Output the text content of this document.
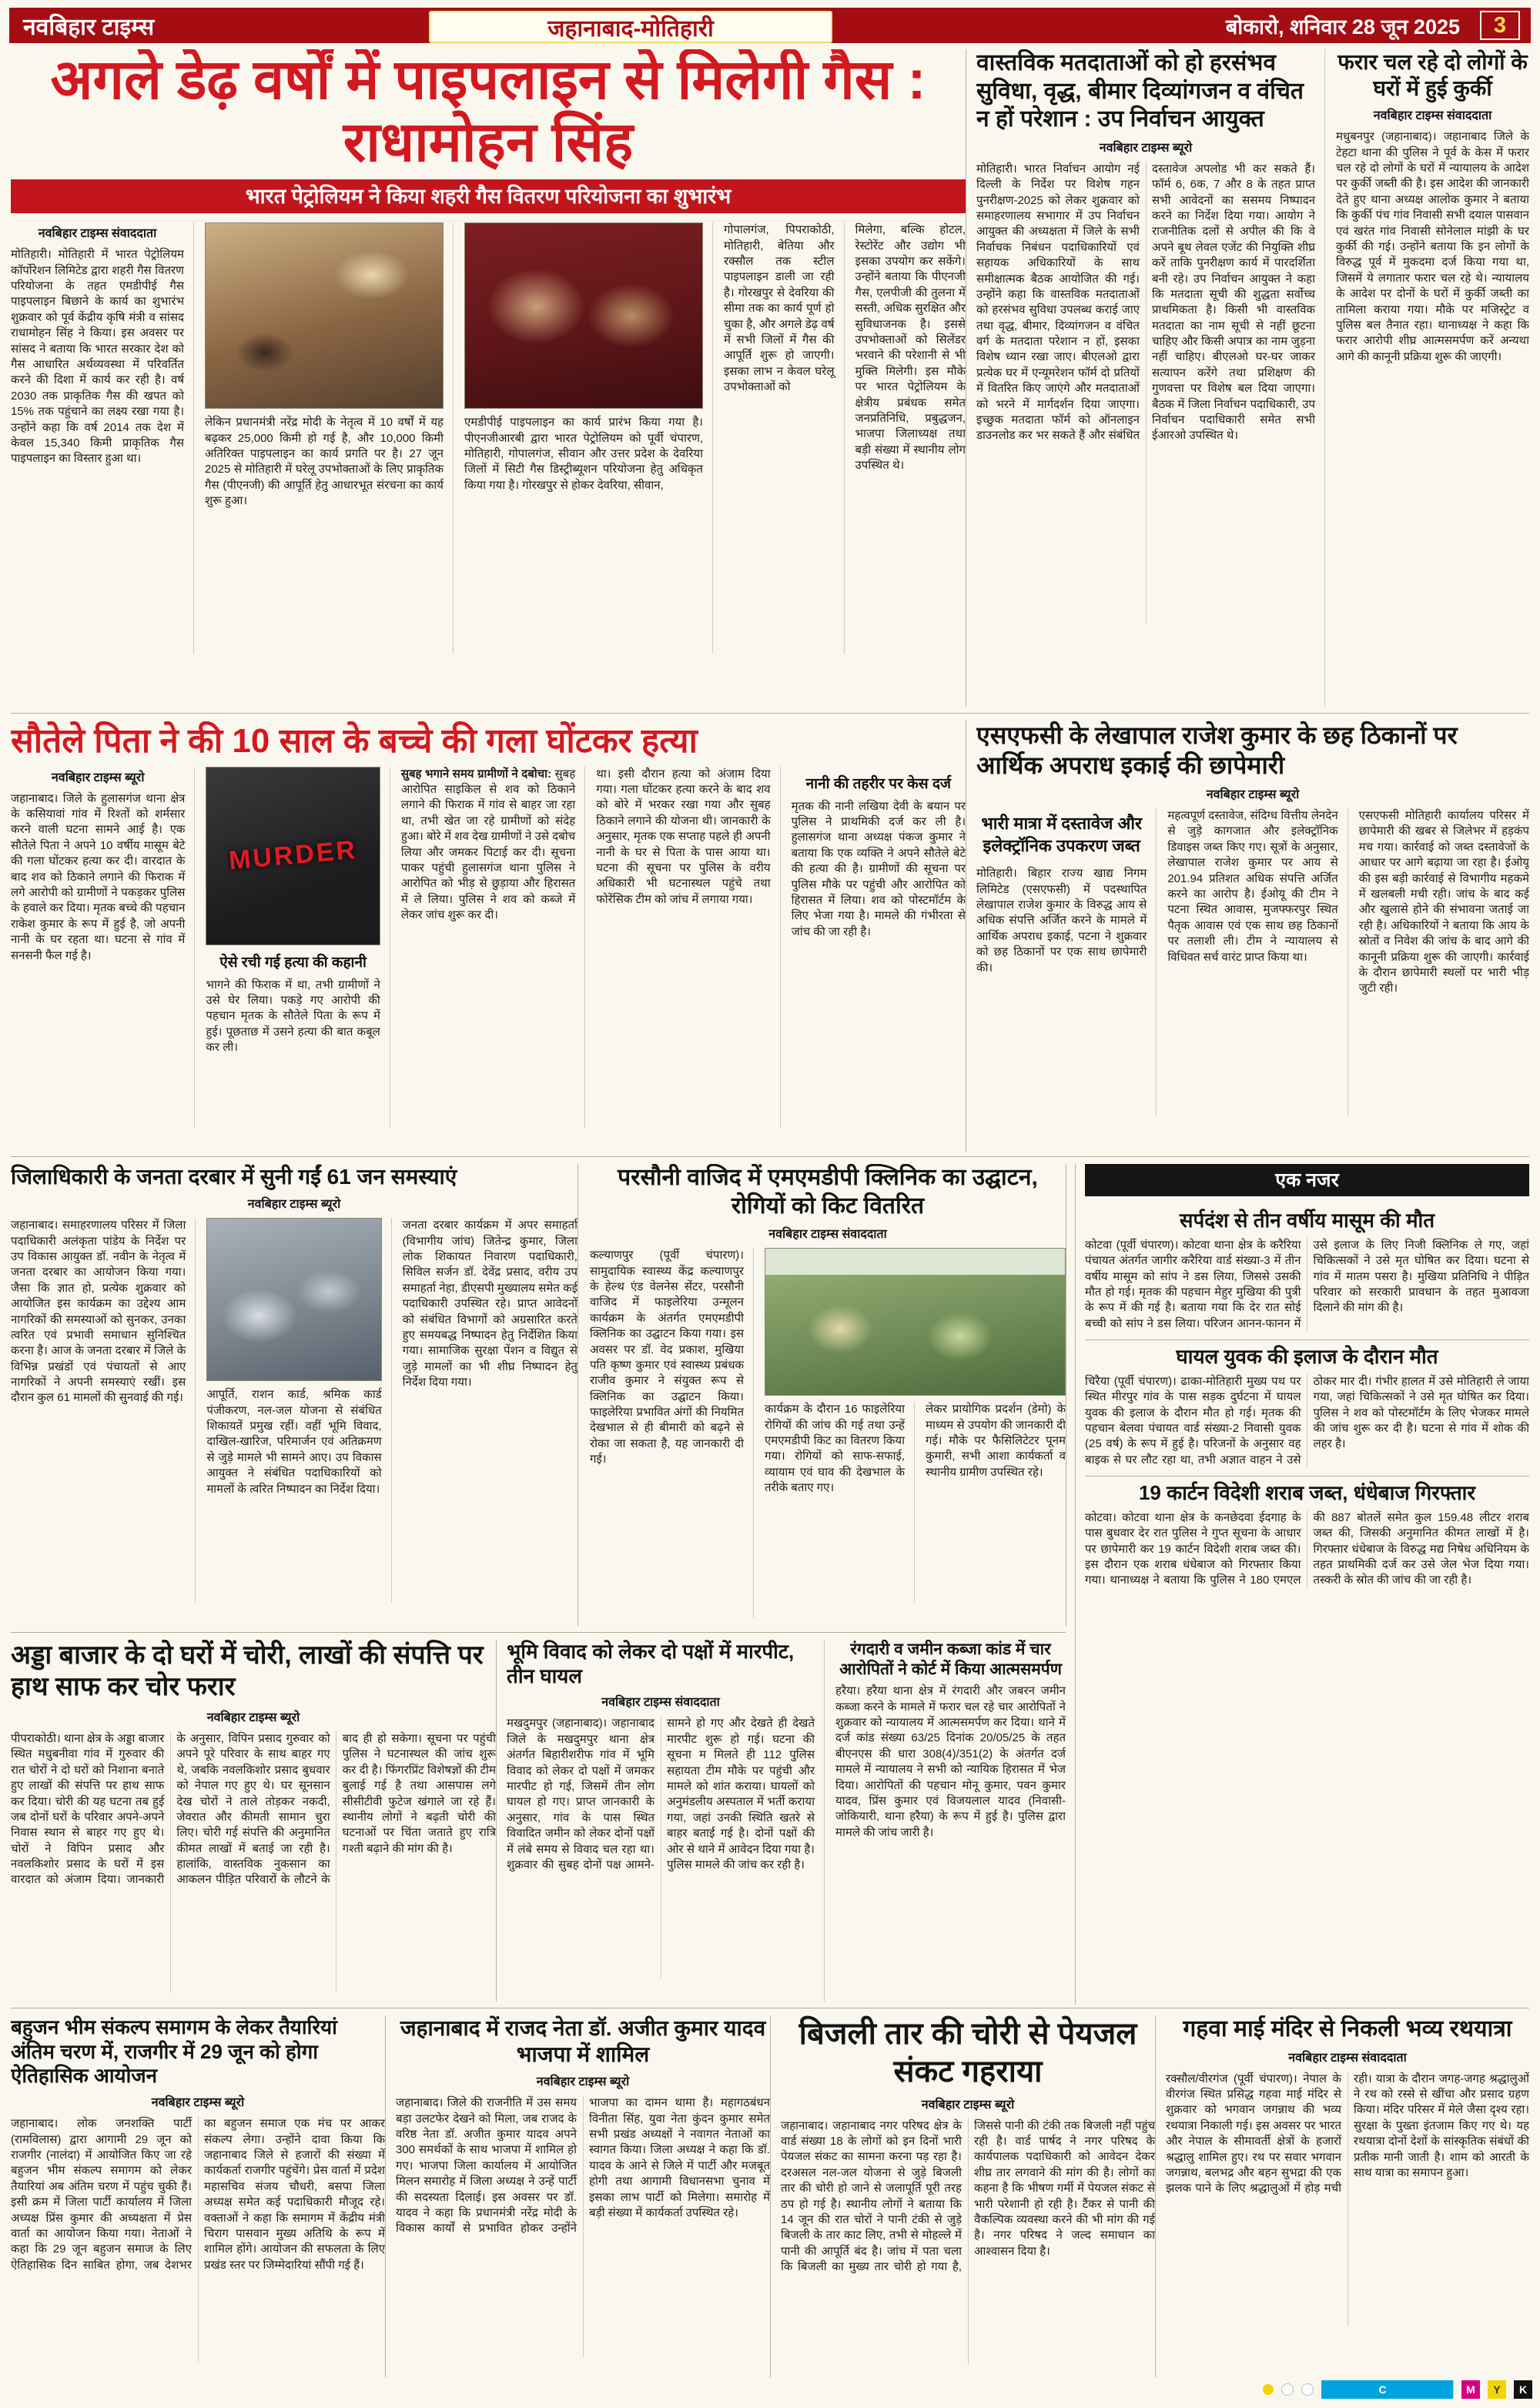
नवबिहार टाइम्स	जहानाबाद-मोतिहारी	बोकारो, शनिवार 28 जून 2025	3
अगले डेढ़ वर्षों में पाइपलाइन से मिलेगी गैस : राधामोहन सिंह
भारत पेट्रोलियम ने किया शहरी गैस वितरण परियोजना का शुभारंभ
नवबिहार टाइम्स संवाददाता

मोतिहारी। मोतिहारी में भारत पेट्रोलियम कॉर्पोरेशन लिमिटेड द्वारा शहरी गैस वितरण परियोजना के तहत एमडीपीई गैस पाइपलाइन बिछाने के कार्य का शुभारंभ शुक्रवार को पूर्व केंद्रीय कृषि मंत्री व सांसद राधामोहन सिंह ने किया। इस अवसर पर सांसद ने बताया कि भारत सरकार देश को गैस आधारित अर्थव्यवस्था में परिवर्तित करने की दिशा में कार्य कर रही है। वर्ष 2030 तक प्राकृतिक गैस की खपत को 15% तक पहुंचाने का लक्ष्य रखा गया है। उन्होंने कहा कि वर्ष 2014 तक देश में केवल 15,340 किमी प्राकृतिक गैस पाइपलाइन का विस्तार हुआ था।

लेकिन प्रधानमंत्री नरेंद्र मोदी के नेतृत्व में 10 वर्षों में यह बढ़कर 25,000 किमी हो गई है, और 10,000 किमी अतिरिक्त पाइपलाइन का कार्य प्रगति पर है। 27 जून 2025 से मोतिहारी में घरेलू उपभोक्ताओं के लिए प्राकृतिक गैस (पीएनजी) की आपूर्ति हेतु आधारभूत संरचना का कार्य शुरू हुआ।

एमडीपीई पाइपलाइन का कार्य प्रारंभ किया गया है। पीएनजीआरबी द्वारा भारत पेट्रोलियम को पूर्वी चंपारण, मोतिहारी, गोपालगंज, सीवान और उत्तर प्रदेश के देवरिया जिलों में सिटी गैस डिस्ट्रीब्यूशन परियोजना हेतु अधिकृत किया गया है। गोरखपुर से होकर देवरिया, सीवान,

गोपालगंज, पिपराकोठी, मोतिहारी, बेतिया और रक्सौल तक स्टील पाइपलाइन डाली जा रही है। गोरखपुर से देवरिया की सीमा तक का कार्य पूर्ण हो चुका है, और अगले डेढ़ वर्ष में सभी जिलों में गैस की आपूर्ति शुरू हो जाएगी। इसका लाभ न केवल घरेलू उपभोक्ताओं को

मिलेगा, बल्कि होटल, रेस्टोरेंट और उद्योग भी इसका उपयोग कर सकेंगे। उन्होंने बताया कि पीएनजी गैस, एलपीजी की तुलना में सस्ती, अधिक सुरक्षित और सुविधाजनक है। इससे उपभोक्ताओं को सिलेंडर भरवाने की परेशानी से भी मुक्ति मिलेगी। इस मौके पर भारत पेट्रोलियम के क्षेत्रीय प्रबंधक समेत जनप्रतिनिधि, प्रबुद्धजन, भाजपा जिलाध्यक्ष तथा बड़ी संख्या में स्थानीय लोग उपस्थित थे।

वास्तविक मतदाताओं को हो हरसंभव सुविधा, वृद्ध, बीमार दिव्यांगजन व वंचित न हों परेशान : उप निर्वाचन आयुक्त
नवबिहार टाइम्स ब्यूरो

मोतिहारी। भारत निर्वाचन आयोग नई दिल्ली के निर्देश पर विशेष गहन पुनरीक्षण-2025 को लेकर शुक्रवार को समाहरणालय सभागार में उप निर्वाचन आयुक्त की अध्यक्षता में जिले के सभी निर्वाचक निबंधन पदाधिकारियों एवं सहायक अधिकारियों के साथ समीक्षात्मक बैठक आयोजित की गई। उन्होंने कहा कि वास्तविक मतदाताओं को हरसंभव सुविधा उपलब्ध कराई जाए तथा वृद्ध, बीमार, दिव्यांगजन व वंचित वर्ग के मतदाता परेशान न हों, इसका विशेष ध्यान रखा जाए। बीएलओ द्वारा प्रत्येक घर में एन्यूमरेशन फॉर्म दो प्रतियों में वितरित किए जाएंगे और मतदाताओं को भरने में मार्गदर्शन दिया जाएगा। इच्छुक मतदाता फॉर्म को ऑनलाइन डाउनलोड कर भर सकते हैं और संबंधित दस्तावेज अपलोड भी कर सकते हैं। फॉर्म 6, 6क, 7 और 8 के तहत प्राप्त सभी आवेदनों का ससमय निष्पादन करने का निर्देश दिया गया। आयोग ने राजनीतिक दलों से अपील की कि वे अपने बूथ लेवल एजेंट की नियुक्ति शीघ्र करें ताकि पुनरीक्षण कार्य में पारदर्शिता बनी रहे। उप निर्वाचन आयुक्त ने कहा कि मतदाता सूची की शुद्धता सर्वोच्च प्राथमिकता है। किसी भी वास्तविक मतदाता का नाम सूची से नहीं छूटना चाहिए और किसी अपात्र का नाम जुड़ना नहीं चाहिए। बीएलओ घर-घर जाकर सत्यापन करेंगे तथा प्रशिक्षण की गुणवत्ता पर विशेष बल दिया जाएगा। बैठक में जिला निर्वाचन पदाधिकारी, उप निर्वाचन पदाधिकारी समेत सभी ईआरओ उपस्थित थे।

फरार चल रहे दो लोगों के घरों में हुई कुर्की
नवबिहार टाइम्स संवाददाता

मधुबनपुर (जहानाबाद)। जहानाबाद जिले के टेहटा थाना की पुलिस ने पूर्व के केस में फरार चल रहे दो लोगों के घरों में न्यायालय के आदेश पर कुर्की जब्ती की है। इस आदेश की जानकारी देते हुए थाना अध्यक्ष आलोक कुमार ने बताया कि कुर्की पंच गांव निवासी सभी दयाल पासवान एवं खरंत गांव निवासी सोनेलाल मांझी के घर कुर्की की गई। उन्होंने बताया कि इन लोगों के विरुद्ध पूर्व में मुकदमा दर्ज किया गया था, जिसमें ये लगातार फरार चल रहे थे। न्यायालय के आदेश पर दोनों के घरों में कुर्की जब्ती का तामिला कराया गया। मौके पर मजिस्ट्रेट व पुलिस बल तैनात रहा। थानाध्यक्ष ने कहा कि फरार आरोपी शीघ्र आत्मसमर्पण करें अन्यथा आगे की कानूनी प्रक्रिया शुरू की जाएगी।

सौतेले पिता ने की 10 साल के बच्चे की गला घोंटकर हत्या
नवबिहार टाइम्स ब्यूरो

जहानाबाद। जिले के हुलासगंज थाना क्षेत्र के कसियावां गांव में रिश्तों को शर्मसार करने वाली घटना सामने आई है। एक सौतेले पिता ने अपने 10 वर्षीय मासूम बेटे की गला घोंटकर हत्या कर दी। वारदात के बाद शव को ठिकाने लगाने की फिराक में लगे आरोपी को ग्रामीणों ने पकड़कर पुलिस के हवाले कर दिया। मृतक बच्चे की पहचान राकेश कुमार के रूप में हुई है, जो अपनी नानी के घर रहता था। घटना से गांव में सनसनी फैल गई है।

MURDER
ऐसे रची गई हत्या की कहानी

भागने की फिराक में था, तभी ग्रामीणों ने उसे घेर लिया। पकड़े गए आरोपी की पहचान मृतक के सौतेले पिता के रूप में हुई। पूछताछ में उसने हत्या की बात कबूल कर ली।

सुबह भगाने समय ग्रामीणों ने दबोचा: सुबह आरोपित साइकिल से शव को ठिकाने लगाने की फिराक में गांव से बाहर जा रहा था, तभी खेत जा रहे ग्रामीणों को संदेह हुआ। बोरे में शव देख ग्रामीणों ने उसे दबोच लिया और जमकर पिटाई कर दी। सूचना पाकर पहुंची हुलासगंज थाना पुलिस ने आरोपित को भीड़ से छुड़ाया और हिरासत में ले लिया। पुलिस ने शव को कब्जे में लेकर जांच शुरू कर दी।

था। इसी दौरान हत्या को अंजाम दिया गया। गला घोंटकर हत्या करने के बाद शव को बोरे में भरकर रखा गया और सुबह ठिकाने लगाने की योजना थी। जानकारी के अनुसार, मृतक एक सप्ताह पहले ही अपनी नानी के घर से पिता के पास आया था। घटना की सूचना पर पुलिस के वरीय अधिकारी भी घटनास्थल पहुंचे तथा फोरेंसिक टीम को जांच में लगाया गया।

नानी की तहरीर पर केस दर्ज

मृतक की नानी लखिया देवी के बयान पर पुलिस ने प्राथमिकी दर्ज कर ली है। हुलासगंज थाना अध्यक्ष पंकज कुमार ने बताया कि एक व्यक्ति ने अपने सौतेले बेटे की हत्या की है। ग्रामीणों की सूचना पर पुलिस मौके पर पहुंची और आरोपित को हिरासत में लिया। शव को पोस्टमॉर्टम के लिए भेजा गया है। मामले की गंभीरता से जांच की जा रही है।

एसएफसी के लेखापाल राजेश कुमार के छह ठिकानों पर आर्थिक अपराध इकाई की छापेमारी
नवबिहार टाइम्स ब्यूरो
भारी मात्रा में दस्तावेज और इलेक्ट्रॉनिक उपकरण जब्त

मोतिहारी। बिहार राज्य खाद्य निगम लिमिटेड (एसएफसी) में पदस्थापित लेखापाल राजेश कुमार के विरुद्ध आय से अधिक संपत्ति अर्जित करने के मामले में आर्थिक अपराध इकाई, पटना ने शुक्रवार को छह ठिकानों पर एक साथ छापेमारी की।

महत्वपूर्ण दस्तावेज, संदिग्ध वित्तीय लेनदेन से जुड़े कागजात और इलेक्ट्रॉनिक डिवाइस जब्त किए गए। सूत्रों के अनुसार, लेखापाल राजेश कुमार पर आय से 201.94 प्रतिशत अधिक संपत्ति अर्जित करने का आरोप है। ईओयू की टीम ने पटना स्थित आवास, मुजफ्फरपुर स्थित पैतृक आवास एवं एक साथ छह ठिकानों पर तलाशी ली। टीम ने न्यायालय से विधिवत सर्च वारंट प्राप्त किया था।

एसएफसी मोतिहारी कार्यालय परिसर में छापेमारी की खबर से जिलेभर में हड़कंप मच गया। कार्रवाई को जब्त दस्तावेजों के आधार पर आगे बढ़ाया जा रहा है। ईओयू की इस बड़ी कार्रवाई से विभागीय महकमे में खलबली मची रही। जांच के बाद कई और खुलासे होने की संभावना जताई जा रही है। अधिकारियों ने बताया कि आय के स्रोतों व निवेश की जांच के बाद आगे की कानूनी प्रक्रिया शुरू की जाएगी। कार्रवाई के दौरान छापेमारी स्थलों पर भारी भीड़ जुटी रही।

जिलाधिकारी के जनता दरबार में सुनी गईं 61 जन समस्याएं
नवबिहार टाइम्स ब्यूरो

जहानाबाद। समाहरणालय परिसर में जिला पदाधिकारी अलंकृता पांडेय के निर्देश पर उप विकास आयुक्त डॉ. नवीन के नेतृत्व में जनता दरबार का आयोजन किया गया। जैसा कि ज्ञात हो, प्रत्येक शुक्रवार को आयोजित इस कार्यक्रम का उद्देश्य आम नागरिकों की समस्याओं को सुनकर, उनका त्वरित एवं प्रभावी समाधान सुनिश्चित करना है। आज के जनता दरबार में जिले के विभिन्न प्रखंडों एवं पंचायतों से आए नागरिकों ने अपनी समस्याएं रखीं। इस दौरान कुल 61 मामलों की सुनवाई की गई। आपूर्ति, राशन कार्ड, श्रमिक कार्ड पंजीकरण, नल-जल योजना से संबंधित शिकायतें प्रमुख रहीं। वहीं भूमि विवाद, दाखिल-खारिज, परिमार्जन एवं अतिक्रमण से जुड़े मामले भी सामने आए। उप विकास आयुक्त ने संबंधित पदाधिकारियों को मामलों के त्वरित निष्पादन का निर्देश दिया।

जनता दरबार कार्यक्रम में अपर समाहर्ता (विभागीय जांच) जितेन्द्र कुमार, जिला लोक शिकायत निवारण पदाधिकारी, सिविल सर्जन डॉ. देवेंद्र प्रसाद, वरीय उप समाहर्ता नेहा, डीएसपी मुख्यालय समेत कई पदाधिकारी उपस्थित रहे। प्राप्त आवेदनों को संबंधित विभागों को अग्रसारित करते हुए समयबद्ध निष्पादन हेतु निर्देशित किया गया। सामाजिक सुरक्षा पेंशन व विद्युत से जुड़े मामलों का भी शीघ्र निष्पादन हेतु निर्देश दिया गया।

परसौनी वाजिद में एमएमडीपी क्लिनिक का उद्घाटन, रोगियों को किट वितरित
नवबिहार टाइम्स संवाददाता

कल्याणपुर (पूर्वी चंपारण)। सामुदायिक स्वास्थ्य केंद्र कल्याणपुर के हेल्थ एंड वेलनेस सेंटर, परसौनी वाजिद में फाइलेरिया उन्मूलन कार्यक्रम के अंतर्गत एमएमडीपी क्लिनिक का उद्घाटन किया गया। इस अवसर पर डॉ. वेद प्रकाश, मुखिया पति कृष्ण कुमार एवं स्वास्थ्य प्रबंधक राजीव कुमार ने संयुक्त रूप से क्लिनिक का उद्घाटन किया। फाइलेरिया प्रभावित अंगों की नियमित देखभाल से ही बीमारी को बढ़ने से रोका जा सकता है, यह जानकारी दी गई।

कार्यक्रम के दौरान 16 फाइलेरिया रोगियों की जांच की गई तथा उन्हें एमएमडीपी किट का वितरण किया गया। रोगियों को साफ-सफाई, व्यायाम एवं घाव की देखभाल के तरीके बताए गए।

लेकर प्रायोगिक प्रदर्शन (डेमो) के माध्यम से उपयोग की जानकारी दी गई। मौके पर फैसिलिटेटर पूनम कुमारी, सभी आशा कार्यकर्ता व स्थानीय ग्रामीण उपस्थित रहे।

एक नजर
सर्पदंश से तीन वर्षीय मासूम की मौत

कोटवा (पूर्वी चंपारण)। कोटवा थाना क्षेत्र के करैरिया पंचायत अंतर्गत जागीर करैरिया वार्ड संख्या-3 में तीन वर्षीय मासूम को सांप ने डस लिया, जिससे उसकी मौत हो गई। मृतक की पहचान मेहुर मुखिया की पुत्री के रूप में की गई है। बताया गया कि देर रात सोई बच्ची को सांप ने डस लिया। परिजन आनन-फानन में उसे इलाज के लिए निजी क्लिनिक ले गए, जहां चिकित्सकों ने उसे मृत घोषित कर दिया। घटना से गांव में मातम पसरा है। मुखिया प्रतिनिधि ने पीड़ित परिवार को सरकारी प्रावधान के तहत मुआवजा दिलाने की मांग की है।

घायल युवक की इलाज के दौरान मौत

चिरैया (पूर्वी चंपारण)। ढाका-मोतिहारी मुख्य पथ पर स्थित मीरपुर गांव के पास सड़क दुर्घटना में घायल युवक की इलाज के दौरान मौत हो गई। मृतक की पहचान बेलवा पंचायत वार्ड संख्या-2 निवासी युवक (25 वर्ष) के रूप में हुई है। परिजनों के अनुसार वह बाइक से घर लौट रहा था, तभी अज्ञात वाहन ने उसे ठोकर मार दी। गंभीर हालत में उसे मोतिहारी ले जाया गया, जहां चिकित्सकों ने उसे मृत घोषित कर दिया। पुलिस ने शव को पोस्टमॉर्टम के लिए भेजकर मामले की जांच शुरू कर दी है। घटना से गांव में शोक की लहर है।

19 कार्टन विदेशी शराब जब्त, धंधेबाज गिरफ्तार

कोटवा। कोटवा थाना क्षेत्र के कनछेदवा ईदगाह के पास बुधवार देर रात पुलिस ने गुप्त सूचना के आधार पर छापेमारी कर 19 कार्टन विदेशी शराब जब्त की। इस दौरान एक शराब धंधेबाज को गिरफ्तार किया गया। थानाध्यक्ष ने बताया कि पुलिस ने 180 एमएल की 887 बोतलें समेत कुल 159.48 लीटर शराब जब्त की, जिसकी अनुमानित कीमत लाखों में है। गिरफ्तार धंधेबाज के विरुद्ध मद्य निषेध अधिनियम के तहत प्राथमिकी दर्ज कर उसे जेल भेज दिया गया। तस्करी के स्रोत की जांच की जा रही है।

अड्डा बाजार के दो घरों में चोरी, लाखों की संपत्ति पर हाथ साफ कर चोर फरार
नवबिहार टाइम्स ब्यूरो

पीपराकोठी। थाना क्षेत्र के अड्डा बाजार स्थित मधुबनीवा गांव में गुरुवार की रात चोरों ने दो घरों को निशाना बनाते हुए लाखों की संपत्ति पर हाथ साफ कर दिया। चोरी की यह घटना तब हुई जब दोनों घरों के परिवार अपने-अपने निवास स्थान से बाहर गए हुए थे। चोरों ने विपिन प्रसाद और नवलकिशोर प्रसाद के घरों में इस वारदात को अंजाम दिया। जानकारी के अनुसार, विपिन प्रसाद गुरुवार को अपने पूरे परिवार के साथ बाहर गए थे, जबकि नवलकिशोर प्रसाद बुधवार को नेपाल गए हुए थे। घर सूनसान देख चोरों ने ताले तोड़कर नकदी, जेवरात और कीमती सामान चुरा लिए। चोरी गई संपत्ति की अनुमानित कीमत लाखों में बताई जा रही है। हालांकि, वास्तविक नुकसान का आकलन पीड़ित परिवारों के लौटने के बाद ही हो सकेगा। सूचना पर पहुंची पुलिस ने घटनास्थल की जांच शुरू कर दी है। फिंगरप्रिंट विशेषज्ञों की टीम बुलाई गई है तथा आसपास लगे सीसीटीवी फुटेज खंगाले जा रहे हैं। स्थानीय लोगों ने बढ़ती चोरी की घटनाओं पर चिंता जताते हुए रात्रि गश्ती बढ़ाने की मांग की है।

भूमि विवाद को लेकर दो पक्षों में मारपीट, तीन घायल
नवबिहार टाइम्स संवाददाता

मखदुमपुर (जहानाबाद)। जहानाबाद जिले के मखदुमपुर थाना क्षेत्र अंतर्गत बिहारीशरीफ गांव में भूमि विवाद को लेकर दो पक्षों में जमकर मारपीट हो गई, जिसमें तीन लोग घायल हो गए। प्राप्त जानकारी के अनुसार, गांव के पास स्थित विवादित जमीन को लेकर दोनों पक्षों में लंबे समय से विवाद चल रहा था। शुक्रवार की सुबह दोनों पक्ष आमने-सामने हो गए और देखते ही देखते मारपीट शुरू हो गई। घटना की सूचना म मिलते ही 112 पुलिस सहायता टीम मौके पर पहुंची और मामले को शांत कराया। घायलों को अनुमंडलीय अस्पताल में भर्ती कराया गया, जहां उनकी स्थिति खतरे से बाहर बताई गई है। दोनों पक्षों की ओर से थाने में आवेदन दिया गया है। पुलिस मामले की जांच कर रही है।

रंगदारी व जमीन कब्जा कांड में चार आरोपितों ने कोर्ट में किया आत्मसमर्पण

हरैया। हरैया थाना क्षेत्र में रंगदारी और जबरन जमीन कब्जा करने के मामले में फरार चल रहे चार आरोपितों ने शुक्रवार को न्यायालय में आत्मसमर्पण कर दिया। थाने में दर्ज कांड संख्या 63/25 दिनांक 20/05/25 के तहत बीएनएस की धारा 308(4)/351(2) के अंतर्गत दर्ज मामले में न्यायालय ने सभी को न्यायिक हिरासत में भेज दिया। आरोपितों की पहचान मोनू कुमार, पवन कुमार यादव, प्रिंस कुमार एवं विजयलाल यादव (निवासी- जोकियारी, थाना हरैया) के रूप में हुई है। पुलिस द्वारा मामले की जांच जारी है।

बहुजन भीम संकल्प समागम के लेकर तैयारियां अंतिम चरण में, राजगीर में 29 जून को होगा ऐतिहासिक आयोजन
नवबिहार टाइम्स ब्यूरो

जहानाबाद। लोक जनशक्ति पार्टी (रामविलास) द्वारा आगामी 29 जून को राजगीर (नालंदा) में आयोजित किए जा रहे बहुजन भीम संकल्प समागम को लेकर तैयारियां अब अंतिम चरण में पहुंच चुकी हैं। इसी क्रम में जिला पार्टी कार्यालय में जिला अध्यक्ष प्रिंस कुमार की अध्यक्षता में प्रेस वार्ता का आयोजन किया गया। नेताओं ने कहा कि 29 जून बहुजन समाज के लिए ऐतिहासिक दिन साबित होगा, जब देशभर का बहुजन समाज एक मंच पर आकर संकल्प लेगा। उन्होंने दावा किया कि जहानाबाद जिले से हजारों की संख्या में कार्यकर्ता राजगीर पहुंचेंगे। प्रेस वार्ता में प्रदेश महासचिव संजय चौधरी, बसपा जिला अध्यक्ष समेत कई पदाधिकारी मौजूद रहे। वक्ताओं ने कहा कि समागम में केंद्रीय मंत्री चिराग पासवान मुख्य अतिथि के रूप में शामिल होंगे। आयोजन की सफलता के लिए प्रखंड स्तर पर जिम्मेदारियां सौंपी गई हैं।

जहानाबाद में राजद नेता डॉ. अजीत कुमार यादव भाजपा में शामिल
नवबिहार टाइम्स ब्यूरो

जहानाबाद। जिले की राजनीति में उस समय बड़ा उलटफेर देखने को मिला, जब राजद के वरिष्ठ नेता डॉ. अजीत कुमार यादव अपने 300 समर्थकों के साथ भाजपा में शामिल हो गए। भाजपा जिला कार्यालय में आयोजित मिलन समारोह में जिला अध्यक्ष ने उन्हें पार्टी की सदस्यता दिलाई। इस अवसर पर डॉ. यादव ने कहा कि प्रधानमंत्री नरेंद्र मोदी के विकास कार्यों से प्रभावित होकर उन्होंने भाजपा का दामन थामा है। महागठबंधन विनीता सिंह, युवा नेता कुंदन कुमार समेत सभी प्रखंड अध्यक्षों ने नवागत नेताओं का स्वागत किया। जिला अध्यक्ष ने कहा कि डॉ. यादव के आने से जिले में पार्टी और मजबूत होगी तथा आगामी विधानसभा चुनाव में इसका लाभ पार्टी को मिलेगा। समारोह में बड़ी संख्या में कार्यकर्ता उपस्थित रहे।

बिजली तार की चोरी से पेयजल संकट गहराया
नवबिहार टाइम्स ब्यूरो

जहानाबाद। जहानाबाद नगर परिषद क्षेत्र के वार्ड संख्या 18 के लोगों को इन दिनों भारी पेयजल संकट का सामना करना पड़ रहा है। दरअसल नल-जल योजना से जुड़े बिजली तार की चोरी हो जाने से जलापूर्ति पूरी तरह ठप हो गई है। स्थानीय लोगों ने बताया कि 14 जून की रात चोरों ने पानी टंकी से जुड़े बिजली के तार काट लिए, तभी से मोहल्ले में पानी की आपूर्ति बंद है। जांच में पता चला कि बिजली का मुख्य तार चोरी हो गया है, जिससे पानी की टंकी तक बिजली नहीं पहुंच रही है। वार्ड पार्षद ने नगर परिषद के कार्यपालक पदाधिकारी को आवेदन देकर शीघ्र तार लगवाने की मांग की है। लोगों का कहना है कि भीषण गर्मी में पेयजल संकट से भारी परेशानी हो रही है। टैंकर से पानी की वैकल्पिक व्यवस्था करने की भी मांग की गई है। नगर परिषद ने जल्द समाधान का आश्वासन दिया है।

गहवा माई मंदिर से निकली भव्य रथयात्रा
नवबिहार टाइम्स संवाददाता

रक्सौल/वीरगंज (पूर्वी चंपारण)। नेपाल के वीरगंज स्थित प्रसिद्ध गहवा माई मंदिर से शुक्रवार को भगवान जगन्नाथ की भव्य रथयात्रा निकाली गई। इस अवसर पर भारत और नेपाल के सीमावर्ती क्षेत्रों के हजारों श्रद्धालु शामिल हुए। रथ पर सवार भगवान जगन्नाथ, बलभद्र और बहन सुभद्रा की एक झलक पाने के लिए श्रद्धालुओं में होड़ मची रही। यात्रा के दौरान जगह-जगह श्रद्धालुओं ने रथ को रस्से से खींचा और प्रसाद ग्रहण किया। मंदिर परिसर में मेले जैसा दृश्य रहा। सुरक्षा के पुख्ता इंतजाम किए गए थे। यह रथयात्रा दोनों देशों के सांस्कृतिक संबंधों की प्रतीक मानी जाती है। शाम को आरती के साथ यात्रा का समापन हुआ।

C	M	Y	K
